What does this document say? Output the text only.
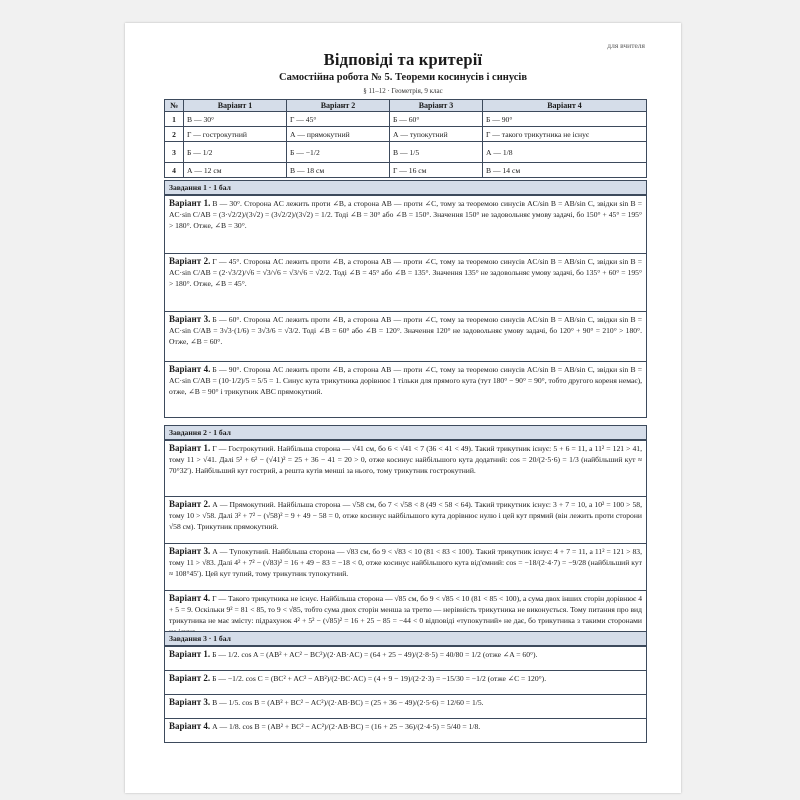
для вчителя
Відповіді та критерії
Самостійна робота № 5. Теореми косинусів і синусів
§ 11–12 · Геометрія, 9 клас
№	Варіант 1	Варіант 2	Варіант 3	Варіант 4
1	В — 30°	Г — 45°	Б — 60°	Б — 90°
2	Г — гострокутний	А — прямокутний	А — тупокутний	Г — такого трикутника не існує
3	Б — 1/2	Б — −1/2	В — 1/5	А — 1/8
4	А — 12 см	В — 18 см	Г — 16 см	В — 14 см
Завдання 1 · 1 бал
Варіант 1. В — 30°. Сторона AC лежить проти ∠B, а сторона AB — проти ∠C, тому за теоремою синусів AC/sin B = AB/sin C, звідки sin B = AC·sin C/AB = (3·√2/2)/(3√2) = (3√2/2)/(3√2) = 1/2. Тоді ∠B = 30° або ∠B = 150°. Значення 150° не задовольняє умову задачі, бо 150° + 45° = 195° > 180°. Отже, ∠B = 30°.
Варіант 2. Г — 45°. Сторона AC лежить проти ∠B, а сторона AB — проти ∠C, тому за теоремою синусів AC/sin B = AB/sin C, звідки sin B = AC·sin C/AB = (2·√3/2)/√6 = √3/√6 = √3/√6 = √2/2. Тоді ∠B = 45° або ∠B = 135°. Значення 135° не задовольняє умову задачі, бо 135° + 60° = 195° > 180°. Отже, ∠B = 45°.
Варіант 3. Б — 60°. Сторона AC лежить проти ∠B, а сторона AB — проти ∠C, тому за теоремою синусів AC/sin B = AB/sin C, звідки sin B = AC·sin C/AB = 3√3·(1/6) = 3√3/6 = √3/2. Тоді ∠B = 60° або ∠B = 120°. Значення 120° не задовольняє умову задачі, бо 120° + 90° = 210° > 180°. Отже, ∠B = 60°.
Варіант 4. Б — 90°. Сторона AC лежить проти ∠B, а сторона AB — проти ∠C, тому за теоремою синусів AC/sin B = AB/sin C, звідки sin B = AC·sin C/AB = (10·1/2)/5 = 5/5 = 1. Синус кута трикутника дорівнює 1 тільки для прямого кута (тут 180° − 90° = 90°, тобто другого кореня немає), отже, ∠B = 90° і трикутник ABC прямокутний.
Завдання 2 · 1 бал
Варіант 1. Г — Гострокутний. Найбільша сторона — √41 см, бо 6 < √41 < 7 (36 < 41 < 49). Такий трикутник існує: 5 + 6 = 11, а 11² = 121 > 41, тому 11 > √41. Далі 5² + 6² − (√41)² = 25 + 36 − 41 = 20 > 0, отже косинус найбільшого кута додатний: cos = 20/(2·5·6) = 1/3 (найбільший кут ≈ 70°32′). Найбільший кут гострий, а решта кутів менші за нього, тому трикутник гострокутний.
Варіант 2. А — Прямокутний. Найбільша сторона — √58 см, бо 7 < √58 < 8 (49 < 58 < 64). Такий трикутник існує: 3 + 7 = 10, а 10² = 100 > 58, тому 10 > √58. Далі 3² + 7² − (√58)² = 9 + 49 − 58 = 0, отже косинус найбільшого кута дорівнює нулю і цей кут прямий (він лежить проти сторони √58 см). Трикутник прямокутний.
Варіант 3. А — Тупокутний. Найбільша сторона — √83 см, бо 9 < √83 < 10 (81 < 83 < 100). Такий трикутник існує: 4 + 7 = 11, а 11² = 121 > 83, тому 11 > √83. Далі 4² + 7² − (√83)² = 16 + 49 − 83 = −18 < 0, отже косинус найбільшого кута від'ємний: cos = −18/(2·4·7) = −9/28 (найбільший кут ≈ 108°45′). Цей кут тупий, тому трикутник тупокутний.
Варіант 4. Г — Такого трикутника не існує. Найбільша сторона — √85 см, бо 9 < √85 < 10 (81 < 85 < 100), а сума двох інших сторін дорівнює 4 + 5 = 9. Оскільки 9² = 81 < 85, то 9 < √85, тобто сума двох сторін менша за третю — нерівність трикутника не виконується. Тому питання про вид трикутника не має змісту: підрахунок 4² + 5² − (√85)² = 16 + 25 − 85 = −44 < 0 відповіді «тупокутний» не дає, бо трикутника з такими сторонами
Завдання 3 · 1 бал
Варіант 1. Б — 1/2. cos A = (AB² + AC² − BC²)/(2·AB·AC) = (64 + 25 − 49)/(2·8·5) = 40/80 = 1/2 (отже ∠A = 60°).
Варіант 2. Б — −1/2. cos C = (BC² + AC² − AB²)/(2·BC·AC) = (4 + 9 − 19)/(2·2·3) = −15/30 = −1/2 (отже ∠C = 120°).
Варіант 3. В — 1/5. cos B = (AB² + BC² − AC²)/(2·AB·BC) = (25 + 36 − 49)/(2·5·6) = 12/60 = 1/5.
Варіант 4. А — 1/8. cos B = (AB² + BC² − AC²)/(2·AB·BC) = (16 + 25 − 36)/(2·4·5) = 5/40 = 1/8.
